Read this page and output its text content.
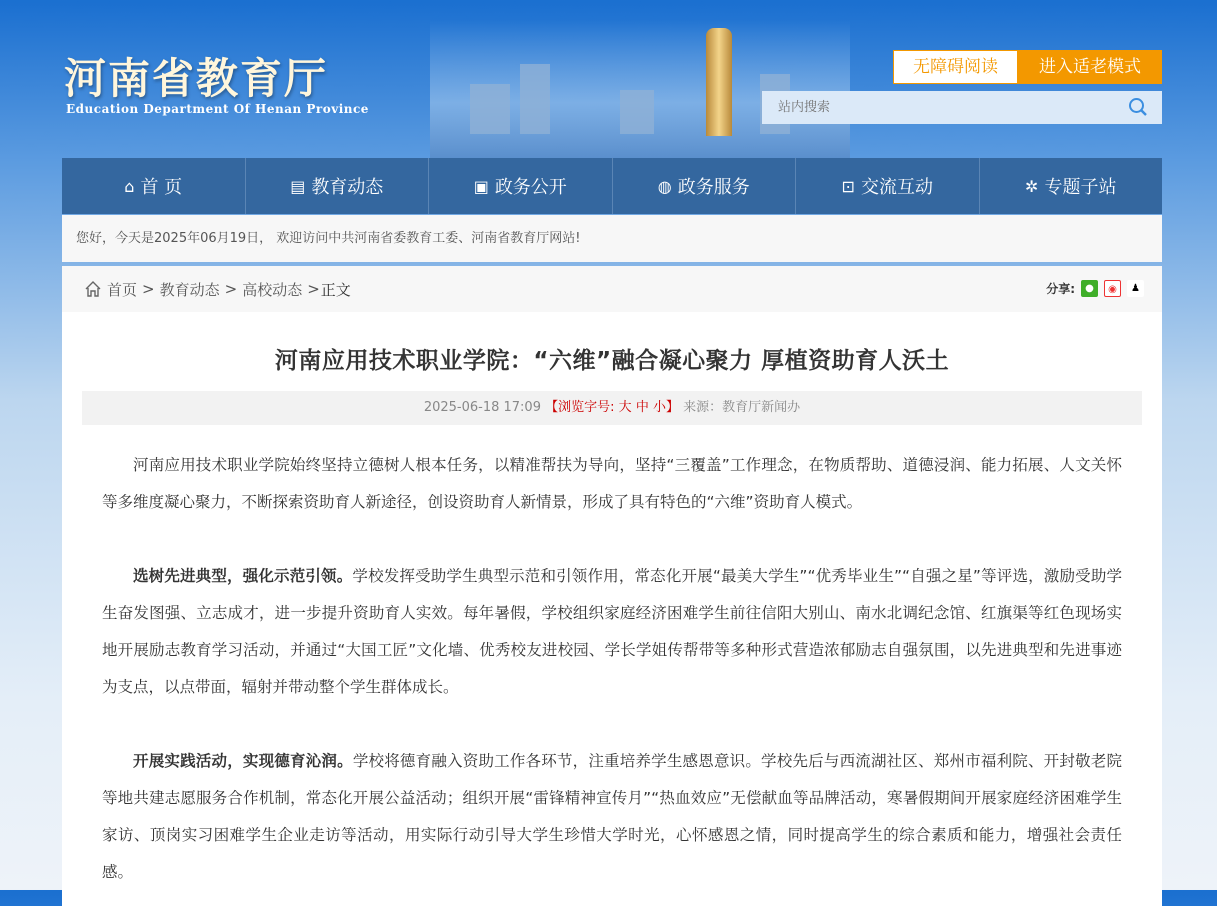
河南省教育厅
Education Department Of Henan Province
无障碍阅读	进入适老模式
站内搜索
⌂ 首 页	▤ 教育动态	▣ 政务公开	◍ 政务服务	⊡ 交流互动	✲ 专题子站
您好，今天是2025年06月19日， 欢迎访问中共河南省委教育工委、河南省教育厅网站!
首页 > 教育动态 > 高校动态 > 正文	分享:	●	◉	♟
河南应用技术职业学院：“六维”融合凝心聚力 厚植资助育人沃土
2025-06-18 17:09 【浏览字号: 大 中 小】 来源：教育厅新闻办

河南应用技术职业学院始终坚持立德树人根本任务，以精准帮扶为导向，坚持“三覆盖”工作理念，在物质帮助、道德浸润、能力拓展、人文关怀等多维度凝心聚力，不断探索资助育人新途径，创设资助育人新情景，形成了具有特色的“六维”资助育人模式。

选树先进典型，强化示范引领。学校发挥受助学生典型示范和引领作用，常态化开展“最美大学生”“优秀毕业生”“自强之星”等评选，激励受助学生奋发图强、立志成才，进一步提升资助育人实效。每年暑假，学校组织家庭经济困难学生前往信阳大别山、南水北调纪念馆、红旗渠等红色现场实地开展励志教育学习活动，并通过“大国工匠”文化墙、优秀校友进校园、学长学姐传帮带等多种形式营造浓郁励志自强氛围，以先进典型和先进事迹为支点，以点带面，辐射并带动整个学生群体成长。

开展实践活动，实现德育沁润。学校将德育融入资助工作各环节，注重培养学生感恩意识。学校先后与西流湖社区、郑州市福利院、开封敬老院等地共建志愿服务合作机制，常态化开展公益活动；组织开展“雷锋精神宣传月”“热血效应”无偿献血等品牌活动，寒暑假期间开展家庭经济困难学生家访、顶岗实习困难学生企业走访等活动，用实际行动引导大学生珍惜大学时光，心怀感恩之情，同时提高学生的综合素质和能力，增强社会责任感。
